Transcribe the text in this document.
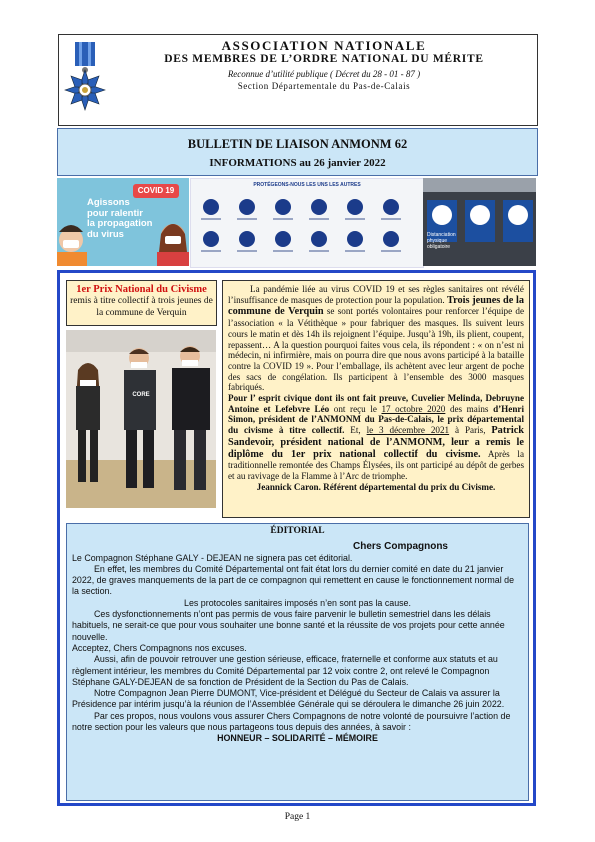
ASSOCIATION NATIONALE
DES MEMBRES DE L’ORDRE NATIONAL DU MÉRITE
Reconnue d’utilité publique ( Décret du 28 - 01 - 87 )
Section Départementale du Pas-de-Calais
BULLETIN DE LIAISON ANMONM 62
INFORMATIONS au 26 janvier 2022
COVID 19
Agissons
pour ralentir
la propagation
du virus
PROTÉGEONS-NOUS LES UNS LES AUTRES
Distanciation physique
obligatoire
1er Prix National du Civisme
remis à titre collectif à trois jeunes de la commune de Verquin
CORE

La pandémie liée au virus COVID 19 et ses règles sanitaires ont révélé l’insuffisance de masques de protection pour la population. Trois jeunes de la commune de Verquin se sont portés volontaires pour renforcer l’équipe de l’association « la Vétithèque » pour fabriquer des masques. Ils suivent leurs cours le matin et dès 14h ils rejoignent l’équipe. Jusqu’à 19h, ils plient, coupent, repassent… A la question pourquoi faites vous cela, ils répondent : « on n’est ni médecin, ni infirmière, mais on pourra dire que nous avons participé à la bataille contre la COVID 19 ». Pour l’emballage, ils achètent avec leur argent de poche des sacs de congélation. Ils participent à l’ensemble des 3000 masques fabriqués.

Pour l’ esprit civique dont ils ont fait preuve, Cuvelier Melinda, Debruyne Antoine et Lefebvre Léo ont reçu le 17 octobre 2020 des mains d’Henri Simon, président de l’ANMONM du Pas-de-Calais, le prix départemental du civisme à titre collectif. Et, le 3 décembre 2021 à Paris, Patrick Sandevoir, président national de l’ANMONM, leur a remis le diplôme du 1er prix national collectif du civisme. Après la traditionnelle remontée des Champs Élysées, ils ont participé au dépôt de gerbes et au ravivage de la Flamme à l’Arc de triomphe.

Jeannick Caron. Référent départemental du prix du Civisme.

ÉDITORIAL

Chers Compagnons

Le Compagnon Stéphane GALY - DEJEAN ne signera pas cet éditorial.

En effet, les membres du Comité Départemental ont fait état lors du dernier comité en date du 21 janvier 2022, de graves manquements de la part de ce compagnon qui remettent en cause le fonctionnement normal de la section.

Les protocoles sanitaires imposés n’en sont pas la cause.

Ces dysfonctionnements n’ont pas permis de vous faire parvenir le bulletin semestriel dans les délais habituels, ne serait-ce que pour vous souhaiter une bonne santé et la réussite de vos projets pour cette année nouvelle.

Acceptez, Chers Compagnons nos excuses.

Aussi, afin de pouvoir retrouver une gestion sérieuse, efficace, fraternelle et conforme aux statuts et au règlement intérieur, les membres du Comité Départemental par 12 voix contre 2, ont relevé le Compagnon Stéphane GALY-DEJEAN de sa fonction de Président de la Section du Pas de Calais.

Notre Compagnon Jean Pierre DUMONT, Vice-président et Délégué du Secteur de Calais va assurer la Présidence par intérim jusqu’à la réunion de l’Assemblée Générale qui se déroulera le dimanche 26 juin 2022.

Par ces propos, nous voulons vous assurer Chers Compagnons de notre volonté de poursuivre l’action de notre section pour les valeurs que nous partageons tous depuis des années, à savoir :

HONNEUR – SOLIDARITÉ – MÉMOIRE

Page 1
